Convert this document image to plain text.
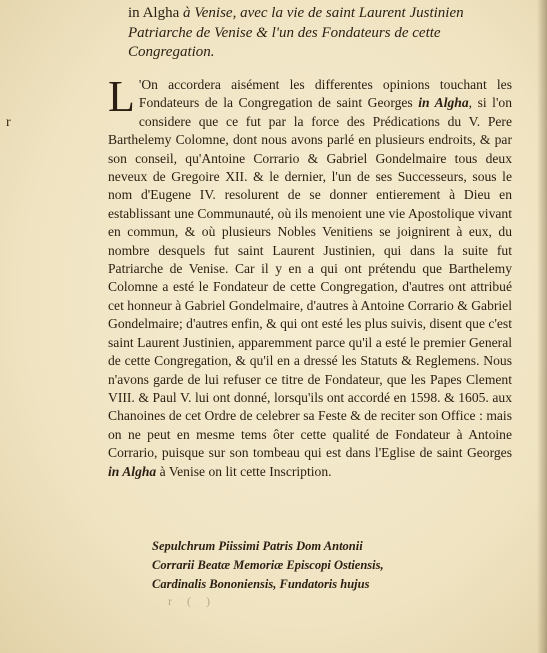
in Algha à Venise, avec la vie de saint Laurent Justinien
Patriarche de Venise & l'un des Fondateurs de cette
Congregation.
r
L 'On accordera aisément les differentes opinions touchant les Fondateurs de la Congregation de saint Georges in Algha, si l'on considere que ce fut par la force des Prédications du V. Pere Barthelemy Colomne, dont nous avons parlé en plusieurs endroits, & par son conseil, qu'Antoine Corrario & Gabriel Gondelmaire tous deux neveux de Gregoire XII. & le dernier, l'un de ses Successeurs, sous le nom d'Eugene IV. resolurent de se donner entierement à Dieu en establissant une Communauté, où ils menoient une vie Apostolique vivant en commun, & où plusieurs Nobles Venitiens se joignirent à eux, du nombre desquels fut saint Laurent Justinien, qui dans la suite fut Patriarche de Venise. Car il y en a qui ont prétendu que Barthelemy Colomne a esté le Fondateur de cette Congregation, d'autres ont attribué cet honneur à Gabriel Gondelmaire, d'autres à Antoine Corrario & Gabriel Gondelmaire; d'autres enfin, & qui ont esté les plus suivis, disent que c'est saint Laurent Justinien, apparemment parce qu'il a esté le premier General de cette Congregation, & qu'il en a dressé les Statuts & Reglemens. Nous n'avons garde de lui refuser ce titre de Fondateur, que les Papes Clement VIII. & Paul V. lui ont donné, lorsqu'ils ont accordé en 1598. & 1605. aux Chanoines de cet Ordre de celebrer sa Feste & de reciter son Office : mais on ne peut en mesme tems ôter cette qualité de Fondateur à Antoine Corrario, puisque sur son tombeau qui est dans l'Eglise de saint Georges in Algha à Venise on lit cette Inscription.
Sepulchrum Piissimi Patris Dom Antonii
Corrarii Beatæ Memoriæ Episcopi Ostiensis,
Cardinalis Bononiensis, Fundatoris hujus
r ( )
